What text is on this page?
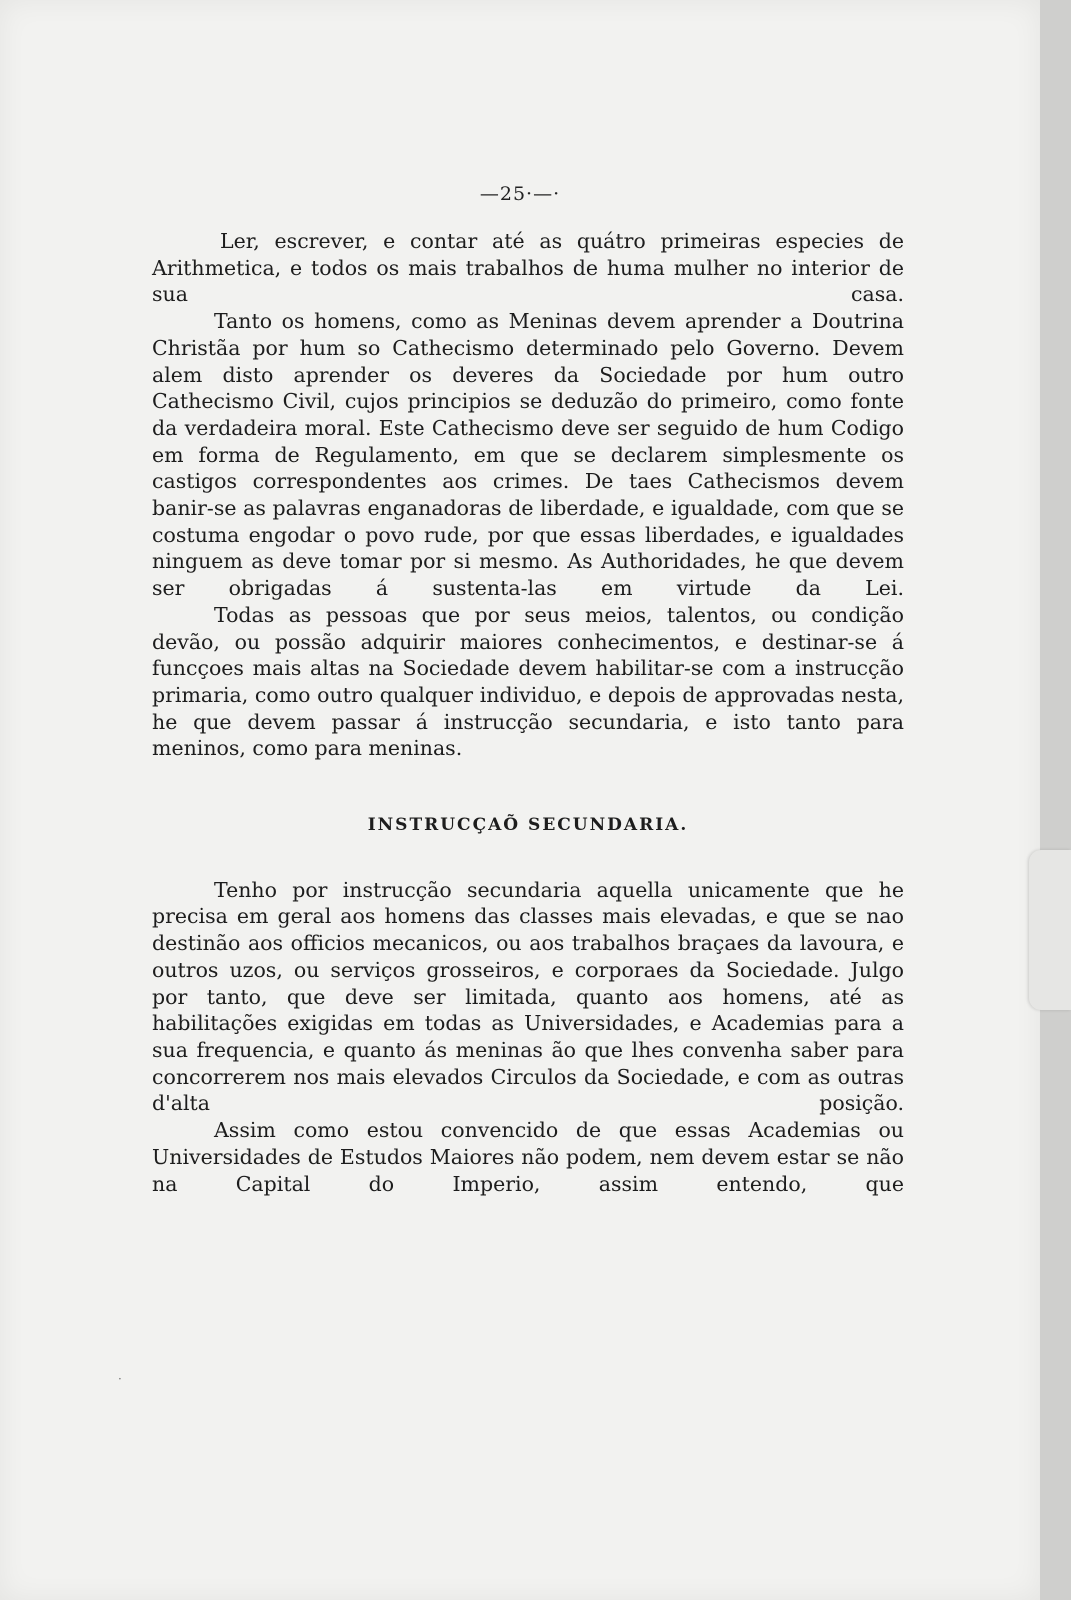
—25·—·

Ler, escrever, e contar até as quátro primeiras especies de Arithmetica, e todos os mais trabalhos de huma mulher no interior de sua casa.

Tanto os homens, como as Meninas devem aprender a Doutrina Christãa por hum so Cathecismo determinado pelo Governo. Devem alem disto aprender os deveres da Sociedade por hum outro Cathecismo Civil, cujos principios se deduzão do primeiro, como fonte da verdadeira moral. Este Cathecismo deve ser seguido de hum Codigo em forma de Regulamento, em que se declarem simplesmente os castigos correspondentes aos crimes. De taes Cathecismos devem banir-se as palavras enganadoras de liberdade, e igualdade, com que se costuma engodar o povo rude, por que essas liberdades, e igualdades ninguem as deve tomar por si mesmo. As Authoridades, he que devem ser obrigadas á sustenta-las em virtude da Lei.

Todas as pessoas que por seus meios, talentos, ou condição devão, ou possão adquirir maiores conhecimentos, e destinar-se á funcçoes mais altas na Sociedade devem habilitar-se com a instrucção primaria, como outro qualquer individuo, e depois de approvadas nesta, he que devem passar á instrucção secundaria, e isto tanto para meninos, como para meninas.

INSTRUCÇAÕ SECUNDARIA.

Tenho por instrucção secundaria aquella unicamente que he precisa em geral aos homens das classes mais elevadas, e que se nao destinão aos officios mecanicos, ou aos trabalhos braçaes da lavoura, e outros uzos, ou serviços grosseiros, e corporaes da Sociedade. Julgo por tanto, que deve ser limitada, quanto aos homens, até as habilitações exigidas em todas as Universidades, e Academias para a sua frequencia, e quanto ás meninas ão que lhes convenha saber para concorrerem nos mais elevados Circulos da Sociedade, e com as outras d'alta posição.

Assim como estou convencido de que essas Academias ou Universidades de Estudos Maiores não podem, nem devem estar se não na Capital do Imperio, assim entendo, que

·
